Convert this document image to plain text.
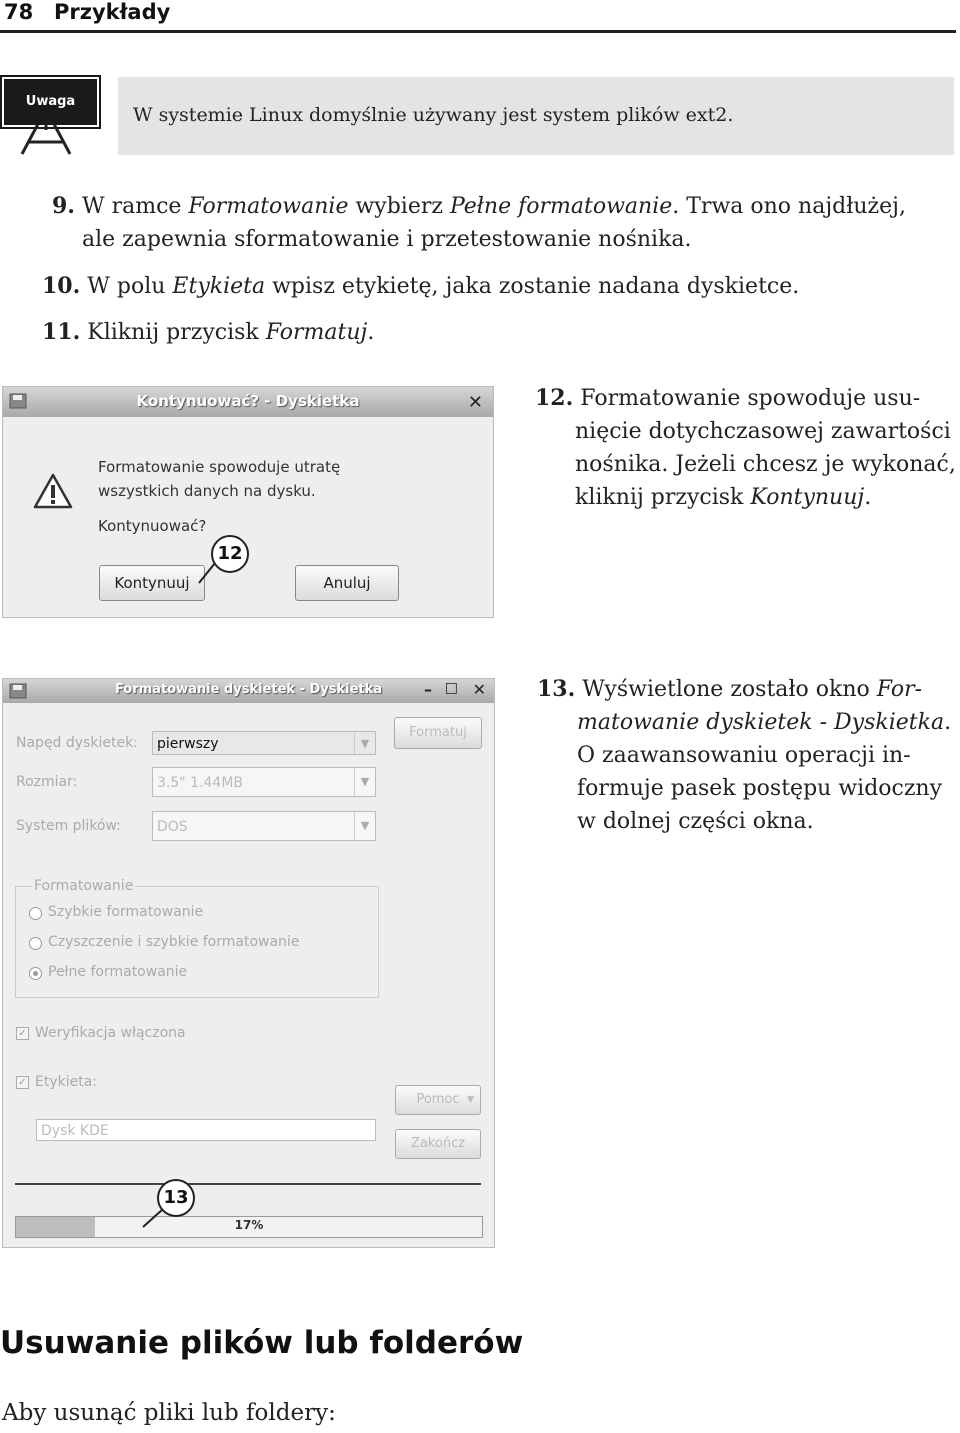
78 Przykłady
Uwaga
W systemie Linux domyślnie używany jest system plików ext2.
9. W ramce Formatowanie wybierz Pełne formatowanie. Trwa ono najdłużej,
ale zapewnia sformatowanie i przetestowanie nośnika.
10. W polu Etykieta wpisz etykietę, jaka zostanie nadana dyskietce.
11. Kliknij przycisk Formatuj.
Kontynuować? - Dyskietka	✕
Formatowanie spowoduje utratę
wszystkich danych na dysku.
Kontynuować?
Kontynuuj	Anuluj
12
12. Formatowanie spowoduje usu-
nięcie dotychczasowej zawartości
nośnika. Jeżeli chcesz je wykonać,
kliknij przycisk Kontynuuj.
Formatowanie dyskietek - Dyskietka	– □ ✕
Napęd dyskietek:	pierwszy	▼
Rozmiar:	3.5" 1.44MB	▼
System plików:	DOS	▼
Formatuj
Formatowanie
Szybkie formatowanie
Czyszczenie i szybkie formatowanie
Pełne formatowanie
✓ Weryfikacja włączona
✓ Etykieta:
Dysk KDE
Pomoc ▼
Zakończ
17%
13
13. Wyświetlone zostało okno For-
matowanie dyskietek - Dyskietka.
O zaawansowaniu operacji in-
formuje pasek postępu widoczny
w dolnej części okna.
Usuwanie plików lub folderów
Aby usunąć pliki lub foldery:
